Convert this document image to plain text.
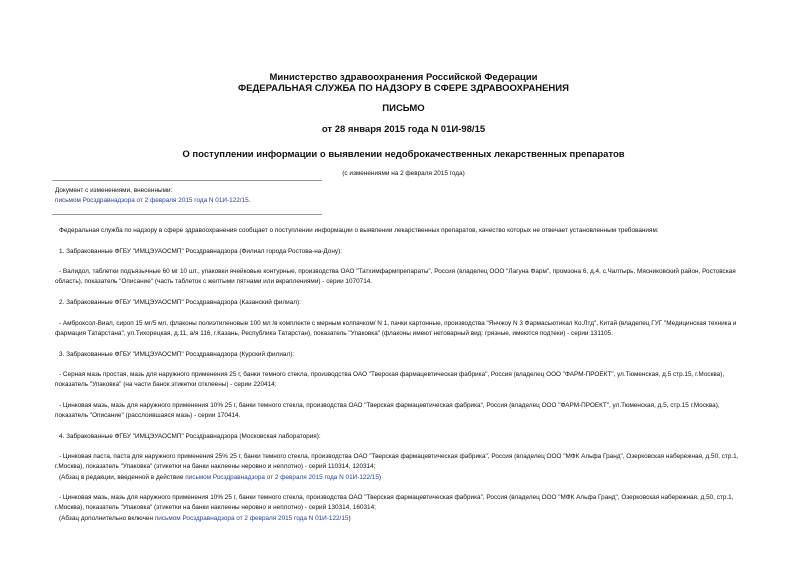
Министерство здравоохранения Российской Федерации
ФЕДЕРАЛЬНАЯ СЛУЖБА ПО НАДЗОРУ В СФЕРЕ ЗДРАВООХРАНЕНИЯ
ПИСЬМО
от 28 января 2015 года N 01И-98/15
О поступлении информации о выявлении недоброкачественных лекарственных препаратов
(с изменениями на 2 февраля 2015 года)
Документ с изменениями, внесенными:
письмом Росздравнадзора от 2 февраля 2015 года N 01И-122/15.

Федеральная служба по надзору в сфере здравоохранения сообщает о поступлении информации о выявлении лекарственных препаратов, качество которых не отвечает установленным требованиям:

1. Забракованные ФГБУ "ИМЦЭУАОСМП" Росздравнадзора (Филиал города Ростова-на-Дону):

- Валидол, таблетки подъязычные 60 мг 10 шт., упаковки ячейковые контурные, производства ОАО "Татхимфармпрепараты", Россия (владелец ООО "Лагуна Фарм", промзона 6, д.4, с.Чалтырь, Мясниковский район, Ростовская область), показатель "Описание" (часть таблеток с желтыми пятнами или вкраплениями) - серии 1070714.

2. Забракованные ФГБУ "ИМЦЭУАОСМП" Росздравнадзора (Казанский филиал):

- Амброксол-Виал, сироп 15 мг/5 мл, флаконы полиэтиленовые 100 мл /в комплекте с мерным колпачком/ N 1, пачки картонные, производства "Янчжоу N 3 Фармасьютикал Ко.Лтд", Китай (владелец ГУГ "Медицинская техника и фармация Татарстана", ул.Тихорецкая, д.11, а/я 116, г.Казань, Республика Татарстан), показатель "Упаковка" (флаконы имеют нетоварный вид: грязные, имеются подтеки) - серии 131105.

3. Забракованные ФГБУ "ИМЦЭУАОСМП" Росздравнадзора (Курский филиал):

- Серная мазь простая, мазь для наружного применения 25 г, банки темного стекла, производства ОАО "Тверская фармацевтическая фабрика", Россия (владелец ООО "ФАРМ-ПРОЕКТ", ул.Тюменская, д.5 стр.15, г.Москва), показатель "Упаковка" (на части банок этикетки отклеены) - серии 220414;

- Цинковая мазь, мазь для наружного применения 10% 25 г, банки темного стекла, производства ОАО "Тверская фармацевтическая фабрика", Россия (владелец ООО "ФАРМ-ПРОЕКТ", ул.Тюменская, д.5, стр.15 г.Москва), показатель "Описание" (расслоившаяся мазь) - серии 170414.

4. Забракованные ФГБУ "ИМЦЭУАОСМП" Росздравнадзора (Московская лаборатория):

- Цинковая паста, паста для наружного применения 25% 25 г, банки темного стекла, производства ОАО "Тверская фармацевтическая фабрика", Россия (владелец ООО "МФК Альфа Гранд", Озерковская набережная, д.50, стр.1, г.Москва), показатель "Упаковка" (этикетки на банки наклеены неровно и неплотно) - серий 110314, 120314;

(Абзац в редакции, введенной в действие письмом Росздравнадзора от 2 февраля 2015 года N 01И-122/15)

- Цинковая мазь, мазь для наружного применения 10% 25 г, банки темного стекла, производства ОАО "Тверская фармацевтическая фабрика", Россия (владелец ООО "МФК Альфа Гранд", Озерковская набережная, д.50, стр.1, г.Москва), показатель "Упаковка" (этикетки на банки наклеены неровно и неплотно) - серий 130314, 160314;

(Абзац дополнительно включен письмом Росздравнадзора от 2 февраля 2015 года N 01И-122/15)
